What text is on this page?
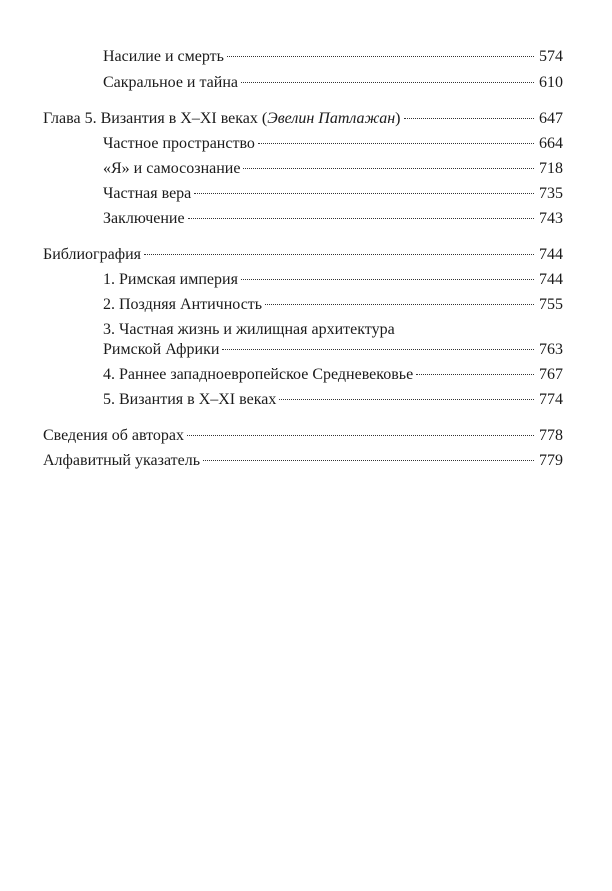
Насилие и смерть	574
Сакральное и тайна	610
Глава 5. Византия в X–XI веках (Эвелин Патлажан)	647
Частное пространство	664
«Я» и самосознание	718
Частная вера	735
Заключение	743
Библиография	744
1. Римская империя	744
2. Поздняя Античность	755
3. Частная жизнь и жилищная архитектура
Римской Африки	763
4. Раннее западноевропейское Средневековье	767
5. Византия в X–XI веках	774
Сведения об авторах	778
Алфавитный указатель	779
